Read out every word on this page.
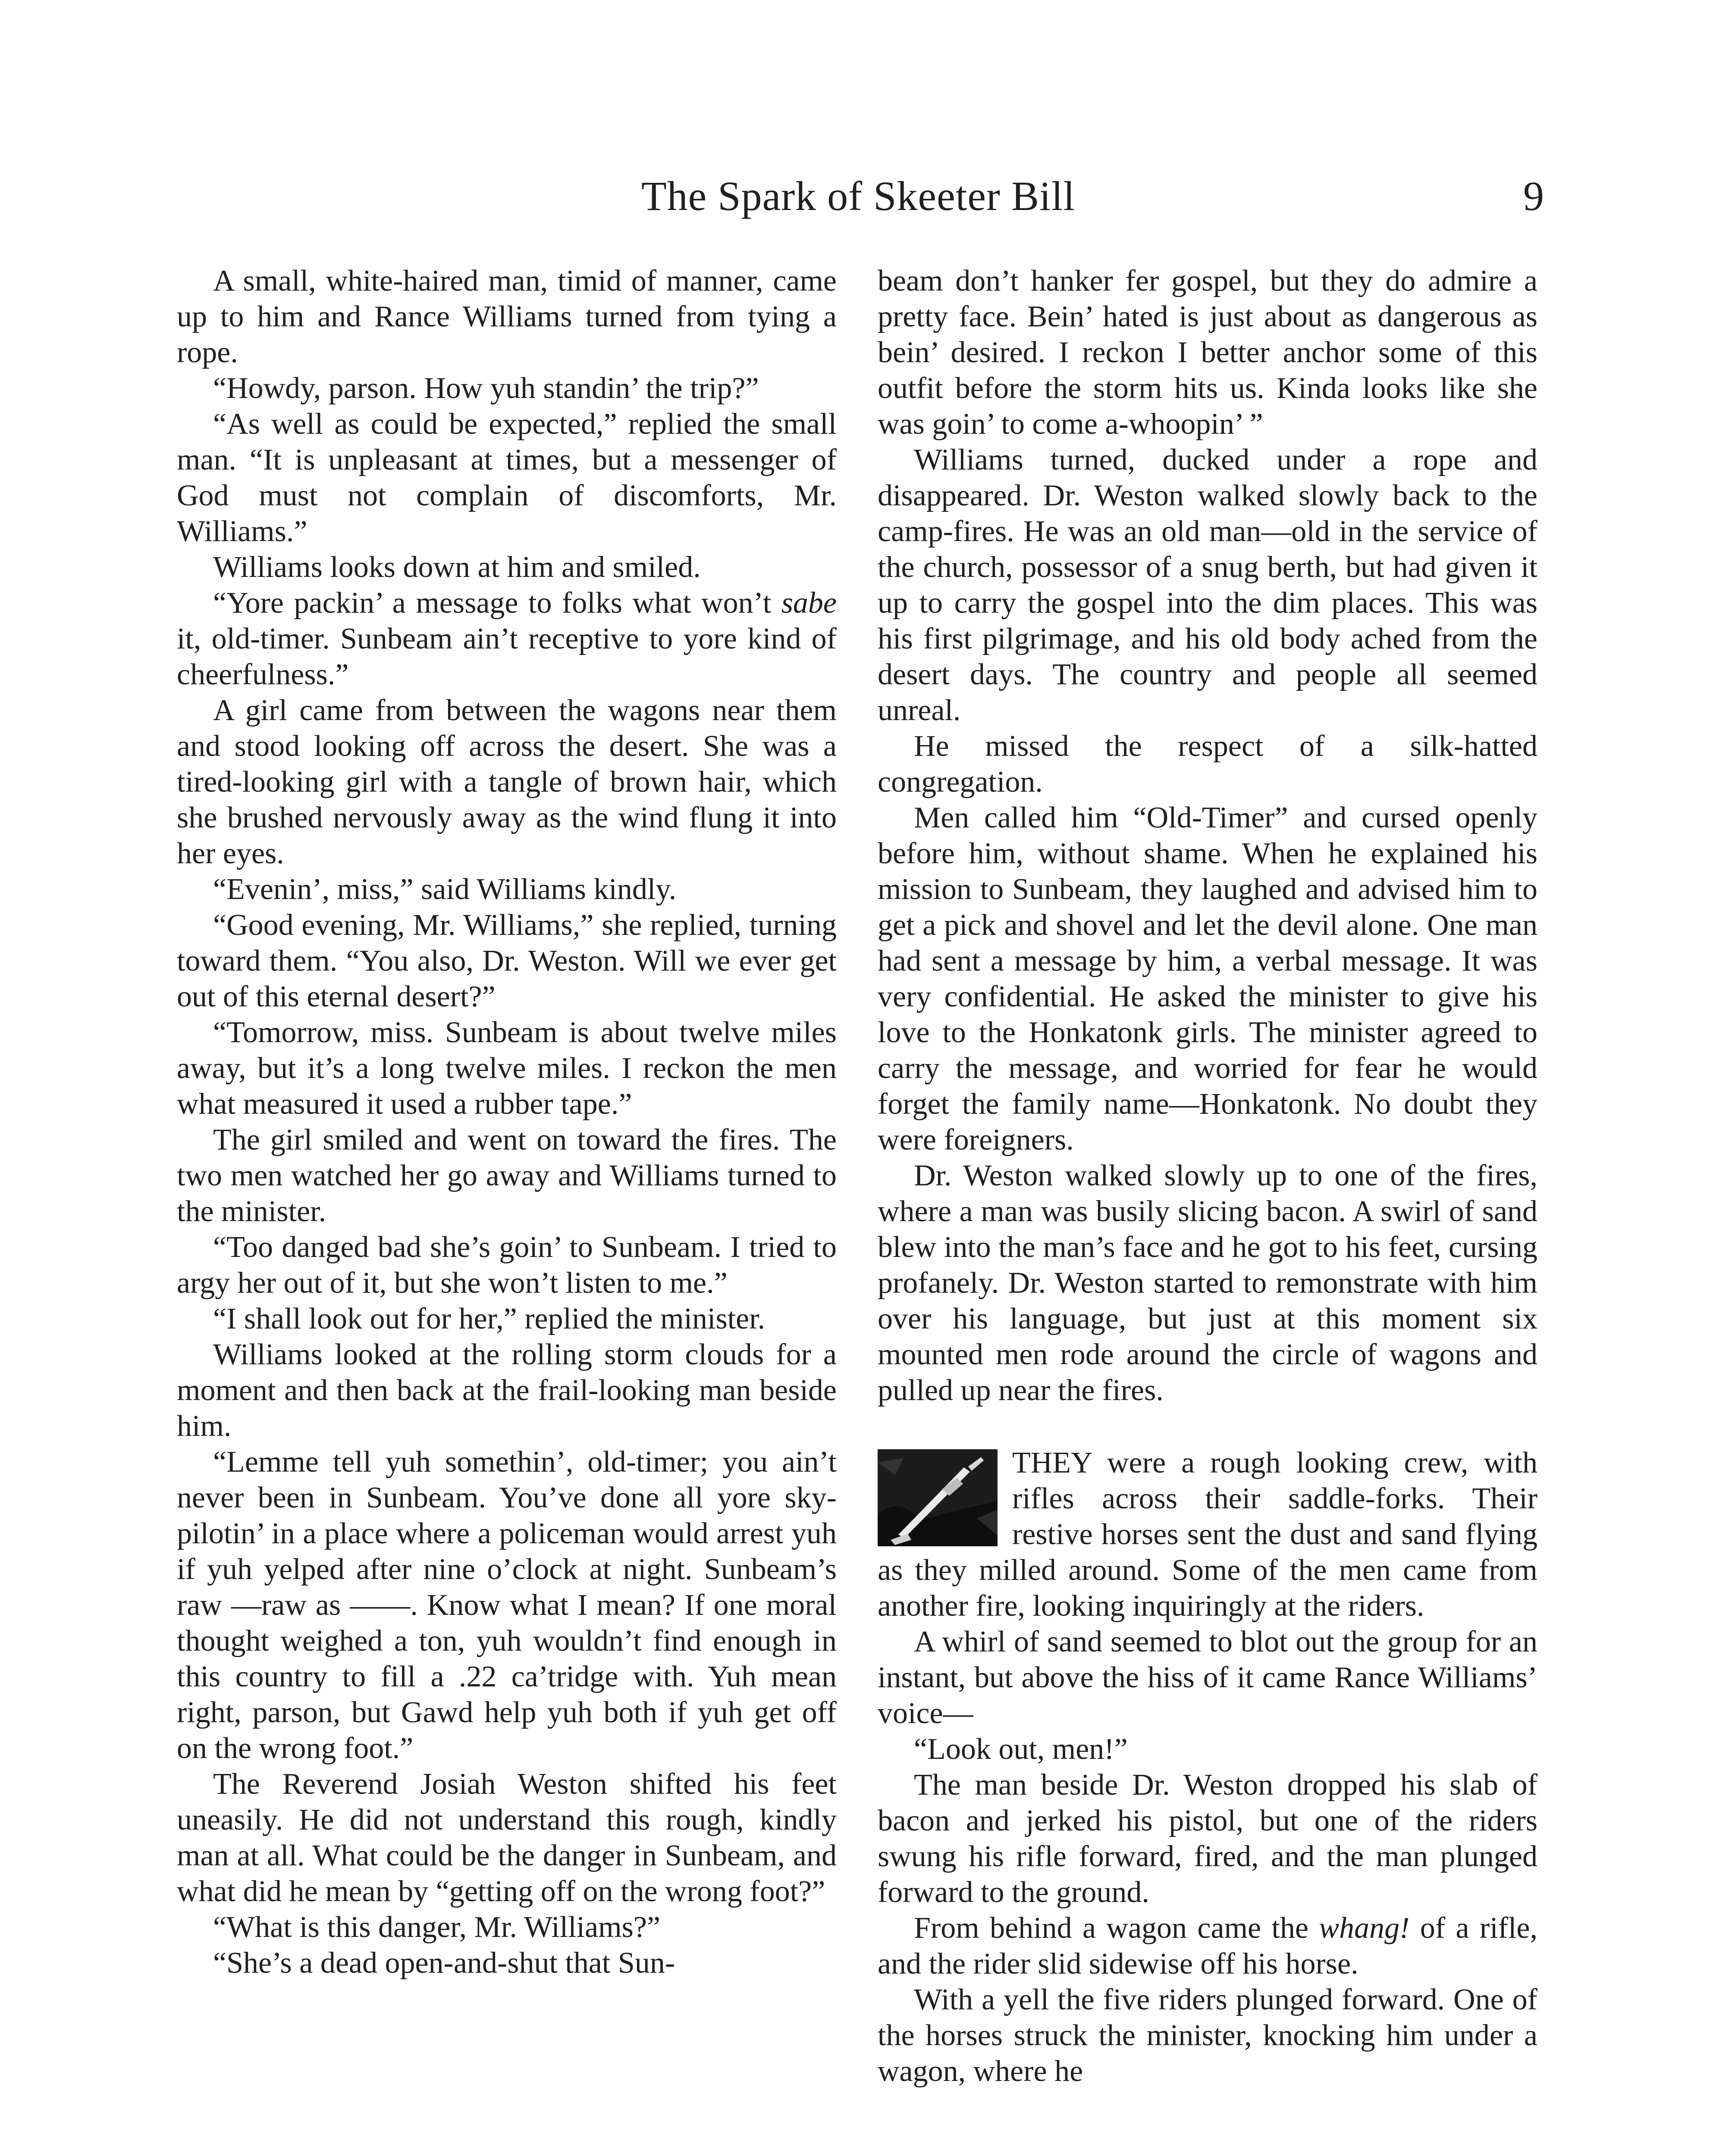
The Spark of Skeeter Bill	9

A small, white-haired man, timid of manner, came up to him and Rance Williams turned from tying a rope.

“Howdy, parson. How yuh standin’ the trip?”

“As well as could be expected,” replied the small man. “It is unpleasant at times, but a messenger of God must not complain of discomforts, Mr. Williams.”

Williams looks down at him and smiled.

“Yore packin’ a message to folks what won’t sabe it, old-timer. Sunbeam ain’t receptive to yore kind of cheerfulness.”

A girl came from between the wagons near them and stood looking off across the desert. She was a tired-looking girl with a tangle of brown hair, which she brushed nervously away as the wind flung it into her eyes.

“Evenin’, miss,” said Williams kindly.

“Good evening, Mr. Williams,” she replied, turning toward them. “You also, Dr. Weston. Will we ever get out of this eternal desert?”

“Tomorrow, miss. Sunbeam is about twelve miles away, but it’s a long twelve miles. I reckon the men what measured it used a rubber tape.”

The girl smiled and went on toward the fires. The two men watched her go away and Williams turned to the minister.

“Too danged bad she’s goin’ to Sunbeam. I tried to argy her out of it, but she won’t listen to me.”

“I shall look out for her,” replied the minister.

Williams looked at the rolling storm clouds for a moment and then back at the frail-looking man beside him.

“Lemme tell yuh somethin’, old-timer; you ain’t never been in Sunbeam. You’ve done all yore sky-pilotin’ in a place where a policeman would arrest yuh if yuh yelped after nine o’clock at night. Sunbeam’s raw —raw as ——. Know what I mean? If one moral thought weighed a ton, yuh wouldn’t find enough in this country to fill a .22 ca’tridge with. Yuh mean right, parson, but Gawd help yuh both if yuh get off on the wrong foot.”

The Reverend Josiah Weston shifted his feet uneasily. He did not understand this rough, kindly man at all. What could be the danger in Sunbeam, and what did he mean by “getting off on the wrong foot?”

“What is this danger, Mr. Williams?”

“She’s a dead open-and-shut that Sun-

beam don’t hanker fer gospel, but they do admire a pretty face. Bein’ hated is just about as dangerous as bein’ desired. I reckon I better anchor some of this outfit before the storm hits us. Kinda looks like she was goin’ to come a-whoopin’ ”

Williams turned, ducked under a rope and disappeared. Dr. Weston walked slowly back to the camp-fires. He was an old man—old in the service of the church, possessor of a snug berth, but had given it up to carry the gospel into the dim places. This was his first pilgrimage, and his old body ached from the desert days. The country and people all seemed unreal.

He missed the respect of a silk-hatted congregation.

Men called him “Old-Timer” and cursed openly before him, without shame. When he explained his mission to Sunbeam, they laughed and advised him to get a pick and shovel and let the devil alone. One man had sent a message by him, a verbal message. It was very confidential. He asked the minister to give his love to the Honkatonk girls. The minister agreed to carry the message, and worried for fear he would forget the family name—Honkatonk. No doubt they were foreigners.

Dr. Weston walked slowly up to one of the fires, where a man was busily slicing bacon. A swirl of sand blew into the man’s face and he got to his feet, cursing profanely. Dr. Weston started to remonstrate with him over his language, but just at this moment six mounted men rode around the circle of wagons and pulled up near the fires.

THEY were a rough looking crew, with rifles across their saddle-forks. Their restive horses sent the dust and sand flying as they milled around. Some of the men came from another fire, looking inquiringly at the riders.

A whirl of sand seemed to blot out the group for an instant, but above the hiss of it came Rance Williams’ voice—

“Look out, men!”

The man beside Dr. Weston dropped his slab of bacon and jerked his pistol, but one of the riders swung his rifle forward, fired, and the man plunged forward to the ground.

From behind a wagon came the whang! of a rifle, and the rider slid sidewise off his horse.

With a yell the five riders plunged forward. One of the horses struck the minister, knocking him under a wagon, where he
